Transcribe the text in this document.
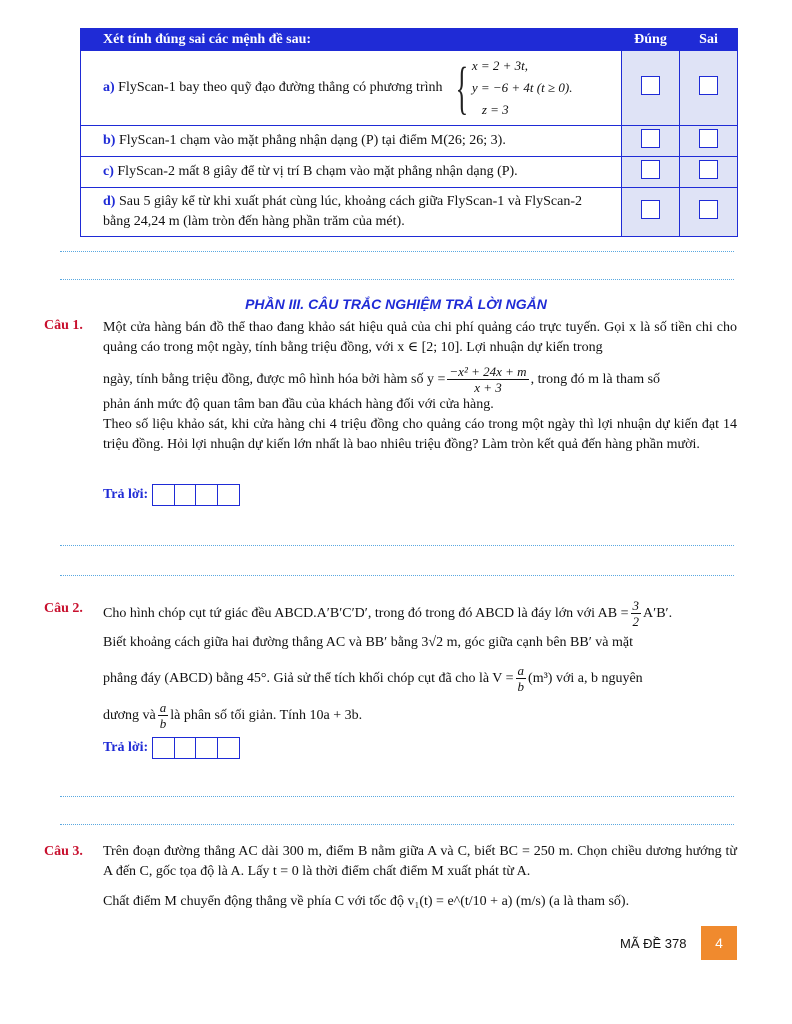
Xét tính đúng sai các mệnh đề sau:	Đúng	Sai
a) FlyScan-1 bay theo quỹ đạo đường thẳng có phương trình { x = 2 + 3t,
y = −6 + 4t (t ≥ 0).
z = 3		

b) FlyScan-1 chạm vào mặt phẳng nhận dạng (P) tại điểm M(26; 26; 3).		
c) FlyScan-2 mất 8 giây để từ vị trí B chạm vào mặt phẳng nhận dạng (P).		
d) Sau 5 giây kể từ khi xuất phát cùng lúc, khoảng cách giữa FlyScan-1 và FlyScan-2 bằng 24,24 m (làm tròn đến hàng phần trăm của mét).		
PHẦN III. CÂU TRẮC NGHIỆM TRẢ LỜI NGẮN
Câu 1. Một cửa hàng bán đồ thể thao đang khảo sát hiệu quả của chi phí quảng cáo trực tuyến. Gọi x là số tiền chi cho quảng cáo trong một ngày, tính bằng triệu đồng, với x ∈ [2; 10]. Lợi nhuận dự kiến trong
ngày, tính bằng triệu đồng, được mô hình hóa bởi hàm số $y = \frac{\text{−x² + 24x + m}}{x + 3}$ , trong đó m là tham số
phản ánh mức độ quan tâm ban đầu của khách hàng đối với cửa hàng.
Theo số liệu khảo sát, khi cửa hàng chi 4 triệu đồng cho quảng cáo trong một ngày thì lợi nhuận dự kiến đạt 14 triệu đồng. Hỏi lợi nhuận dự kiến lớn nhất là bao nhiêu triệu đồng? Làm tròn kết quả đến hàng phần mười.
Trả lời:
Câu 2. Cho hình chóp cụt tứ giác đều ABCD.A′B′C′D′, trong đó trong đó ABCD là đáy lớn với AB = $\frac{3}{2} A'B'$.
Biết khoảng cách giữa hai đường thẳng AC và BB′ bằng 3√2 m, góc giữa cạnh bên BB′ và mặt
phẳng đáy (ABCD) bằng 45°. Giả sử thể tích khối chóp cụt đã cho là $V = \frac{a}{b} (m^3)$ với a, b nguyên
dương và $\frac{a}{b}$ là phân số tối giản. Tính 10a + 3b.
Trả lời:
Câu 3. Trên đoạn đường thẳng AC dài 300 m, điểm B nằm giữa A và C, biết BC = 250 m. Chọn chiều dương hướng từ A đến C, gốc tọa độ là A. Lấy t = 0 là thời điểm chất điểm M xuất phát từ A.
Chất điểm M chuyển động thẳng về phía C với tốc độ v₁(t) = e^(t/10 + a) (m/s) (a là tham số).
MÃ ĐỀ 378	4
